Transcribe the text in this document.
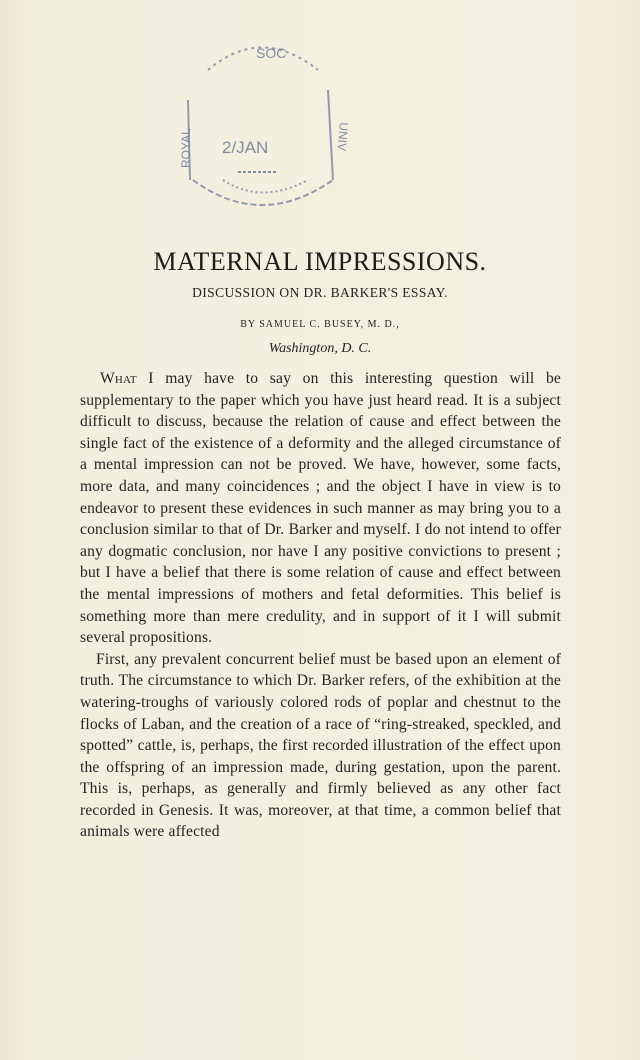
SOC
2/JAN
ROYAL	UNIV
MATERNAL IMPRESSIONS.
DISCUSSION ON DR. BARKER'S ESSAY.
BY SAMUEL C. BUSEY, M. D.,
Washington, D. C.

What I may have to say on this interesting question will be supplementary to the paper which you have just heard read. It is a subject difficult to discuss, because the relation of cause and effect between the single fact of the existence of a deformity and the alleged circumstance of a mental impression can not be proved. We have, however, some facts, more data, and many coincidences ; and the object I have in view is to endeavor to present these evidences in such manner as may bring you to a conclusion similar to that of Dr. Barker and myself. I do not intend to offer any dogmatic conclusion, nor have I any positive convictions to present ; but I have a belief that there is some relation of cause and effect between the mental impressions of mothers and fetal deformities. This belief is something more than mere credulity, and in support of it I will submit several propositions.

First, any prevalent concurrent belief must be based upon an element of truth. The circumstance to which Dr. Barker refers, of the exhibition at the watering-troughs of variously colored rods of poplar and chestnut to the flocks of Laban, and the creation of a race of “ring-streaked, speckled, and spotted” cattle, is, perhaps, the first recorded illustration of the effect upon the offspring of an impression made, during gestation, upon the parent. This is, perhaps, as generally and firmly believed as any other fact recorded in Genesis. It was, moreover, at that time, a common belief that animals were affected
